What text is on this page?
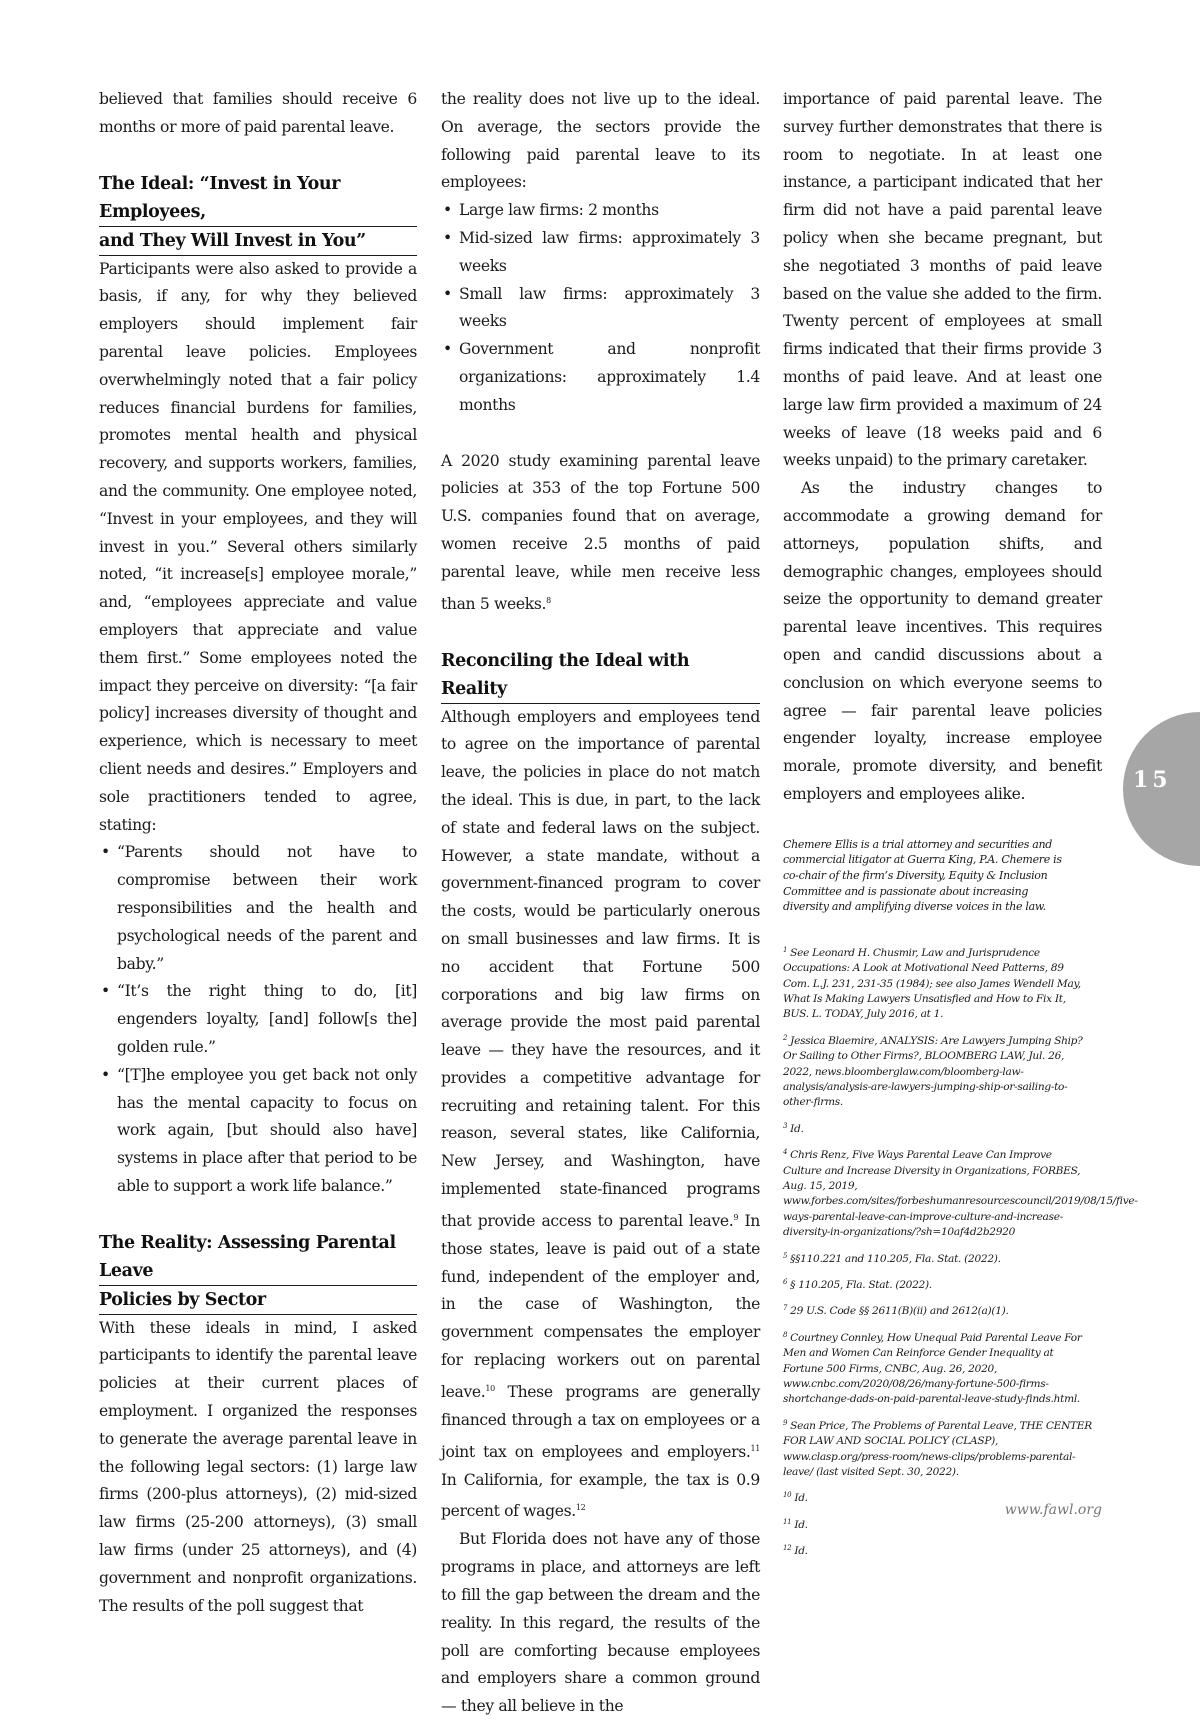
believed that families should receive 6 months or more of paid parental leave.

The Ideal: “Invest in Your Employees,
and They Will Invest in You”

Participants were also asked to provide a basis, if any, for why they believed employers should implement fair parental leave policies. Employees overwhelmingly noted that a fair policy reduces financial burdens for families, promotes mental health and physical recovery, and supports workers, families, and the community. One employee noted, “Invest in your employees, and they will invest in you.” Several others similarly noted, “it increase[s] employee morale,” and, “employees appreciate and value employers that appreciate and value them first.” Some employees noted the impact they perceive on diversity: “[a fair policy] increases diversity of thought and experience, which is necessary to meet client needs and desires.” Employers and sole practitioners tended to agree, stating:

• “Parents should not have to compromise between their work responsibilities and the health and psychological needs of the parent and baby.”
• “It’s the right thing to do, [it] engenders loyalty, [and] follow[s the] golden rule.”
• “[T]he employee you get back not only has the mental capacity to focus on work again, [but should also have] systems in place after that period to be able to support a work life balance.”
The Reality: Assessing Parental Leave
Policies by Sector

With these ideals in mind, I asked participants to identify the parental leave policies at their current places of employment. I organized the responses to generate the average parental leave in the following legal sectors: (1) large law firms (200-plus attorneys), (2) mid-sized law firms (25-200 attorneys), (3) small law firms (under 25 attorneys), and (4) government and nonprofit organizations. The results of the poll suggest that

the reality does not live up to the ideal. On average, the sectors provide the following paid parental leave to its employees:

• Large law firms: 2 months
• Mid-sized law firms: approximately 3 weeks
• Small law firms: approximately 3 weeks
• Government and nonprofit organizations: approximately 1.4 months

A 2020 study examining parental leave policies at 353 of the top Fortune 500 U.S. companies found that on average, women receive 2.5 months of paid parental leave, while men receive less than 5 weeks.$^8$

Reconciling the Ideal with Reality

Although employers and employees tend to agree on the importance of parental leave, the policies in place do not match the ideal. This is due, in part, to the lack of state and federal laws on the subject. However, a state mandate, without a government-financed program to cover the costs, would be particularly onerous on small businesses and law firms. It is no accident that Fortune 500 corporations and big law firms on average provide the most paid parental leave — they have the resources, and it provides a competitive advantage for recruiting and retaining talent. For this reason, several states, like California, New Jersey, and Washington, have implemented state-financed programs that provide access to parental leave.$^9$ In those states, leave is paid out of a state fund, independent of the employer and, in the case of Washington, the government compensates the employer for replacing workers out on parental leave.$^{10}$ These programs are generally financed through a tax on employees or a joint tax on employees and employers.$^{11}$ In California, for example, the tax is 0.9 percent of wages.$^{12}$

But Florida does not have any of those programs in place, and attorneys are left to fill the gap between the dream and the reality. In this regard, the results of the poll are comforting because employees and employers share a common ground — they all believe in the

importance of paid parental leave. The survey further demonstrates that there is room to negotiate. In at least one instance, a participant indicated that her firm did not have a paid parental leave policy when she became pregnant, but she negotiated 3 months of paid leave based on the value she added to the firm. Twenty percent of employees at small firms indicated that their firms provide 3 months of paid leave. And at least one large law firm provided a maximum of 24 weeks of leave (18 weeks paid and 6 weeks unpaid) to the primary caretaker.

As the industry changes to accommodate a growing demand for attorneys, population shifts, and demographic changes, employees should seize the opportunity to demand greater parental leave incentives. This requires open and candid discussions about a conclusion on which everyone seems to agree — fair parental leave policies engender loyalty, increase employee morale, promote diversity, and benefit employers and employees alike.

Chemere Ellis is a trial attorney and securities and commercial litigator at Guerra King, P.A. Chemere is co-chair of the firm’s Diversity, Equity & Inclusion Committee and is passionate about increasing diversity and amplifying diverse voices in the law.

$^1$ See Leonard H. Chusmir, Law and Jurisprudence Occupations: A Look at Motivational Need Patterns, 89 Com. L.J. 231, 231-35 (1984); see also James Wendell May, What Is Making Lawyers Unsatisfied and How to Fix It, BUS. L. TODAY, July 2016, at 1.

$^2$ Jessica Blaemire, ANALYSIS: Are Lawyers Jumping Ship? Or Sailing to Other Firms?, BLOOMBERG LAW, Jul. 26, 2022, news.bloomberglaw.com/bloomberg-law-analysis/analysis-are-lawyers-jumping-ship-or-sailing-to-other-firms.

$^3$ Id.

$^4$ Chris Renz, Five Ways Parental Leave Can Improve Culture and Increase Diversity in Organizations, FORBES, Aug. 15, 2019, www.forbes.com/sites/forbeshumanresourcescouncil/2019/08/15/five-ways-parental-leave-can-improve-culture-and-increase-diversity-in-organizations/?sh=10af4d2b2920

$^5$ §§110.221 and 110.205, Fla. Stat. (2022).

$^6$ § 110.205, Fla. Stat. (2022).

$^7$ 29 U.S. Code §§ 2611(B)(ii) and 2612(a)(1).

$^8$ Courtney Connley, How Unequal Paid Parental Leave For Men and Women Can Reinforce Gender Inequality at Fortune 500 Firms, CNBC, Aug. 26, 2020, www.cnbc.com/2020/08/26/many-fortune-500-firms-shortchange-dads-on-paid-parental-leave-study-finds.html.

$^9$ Sean Price, The Problems of Parental Leave, THE CENTER FOR LAW AND SOCIAL POLICY (CLASP), www.clasp.org/press-room/news-clips/problems-parental-leave/ (last visited Sept. 30, 2022).

$^{10}$ Id.

$^{11}$ Id.

$^{12}$ Id.

15
www.fawl.org
